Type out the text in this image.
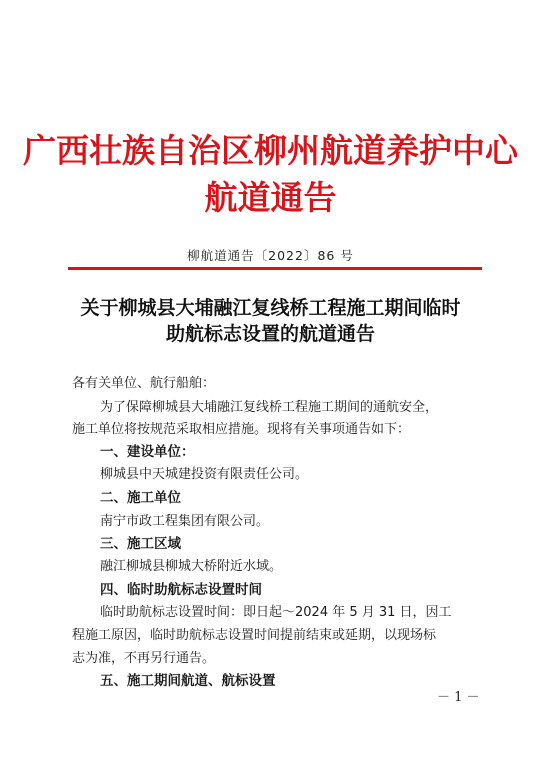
广西壮族自治区柳州航道养护中心
航道通告
柳航道通告〔2022〕86 号
关于柳城县大埔融江复线桥工程施工期间临时
助航标志设置的航道通告
各有关单位、航行船舶：
为了保障柳城县大埔融江复线桥工程施工期间的通航安全，
施工单位将按规范采取相应措施。现将有关事项通告如下：
一、建设单位：
柳城县中天城建投资有限责任公司。
二、施工单位
南宁市政工程集团有限公司。
三、施工区域
融江柳城县柳城大桥附近水域。
四、临时助航标志设置时间
临时助航标志设置时间：即日起～2024 年 5 月 31 日，因工
程施工原因，临时助航标志设置时间提前结束或延期，以现场标
志为准，不再另行通告。
五、施工期间航道、航标设置
－ 1 －
